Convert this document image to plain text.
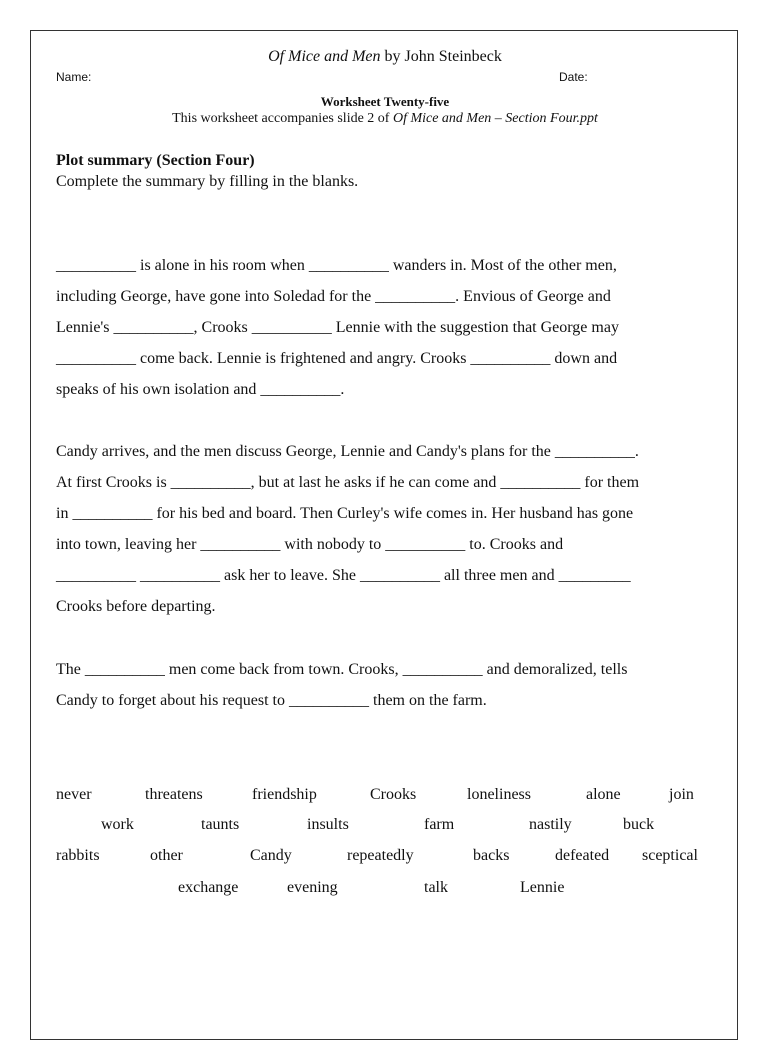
Of Mice and Men by John Steinbeck
Name:	Date:
Worksheet Twenty-five
This worksheet accompanies slide 2 of Of Mice and Men – Section Four.ppt
Plot summary (Section Four)
Complete the summary by filling in the blanks.
__________ is alone in his room when __________ wanders in. Most of the other men,
including George, have gone into Soledad for the __________. Envious of George and
Lennie's __________, Crooks __________ Lennie with the suggestion that George may
__________ come back. Lennie is frightened and angry. Crooks __________ down and
speaks of his own isolation and __________.
Candy arrives, and the men discuss George, Lennie and Candy's plans for the __________.
At first Crooks is __________, but at last he asks if he can come and __________ for them
in __________ for his bed and board. Then Curley's wife comes in. Her husband has gone
into town, leaving her __________ with nobody to __________ to. Crooks and
__________ __________ ask her to leave. She __________ all three men and _________
Crooks before departing.
The __________ men come back from town. Crooks, __________ and demoralized, tells
Candy to forget about his request to __________ them on the farm.
never	threatens	friendship	Crooks	loneliness	alone	join
work	taunts	insults	farm	nastily	buck
rabbits	other	Candy	repeatedly	backs	defeated sceptical
exchange	evening	talk	Lennie
